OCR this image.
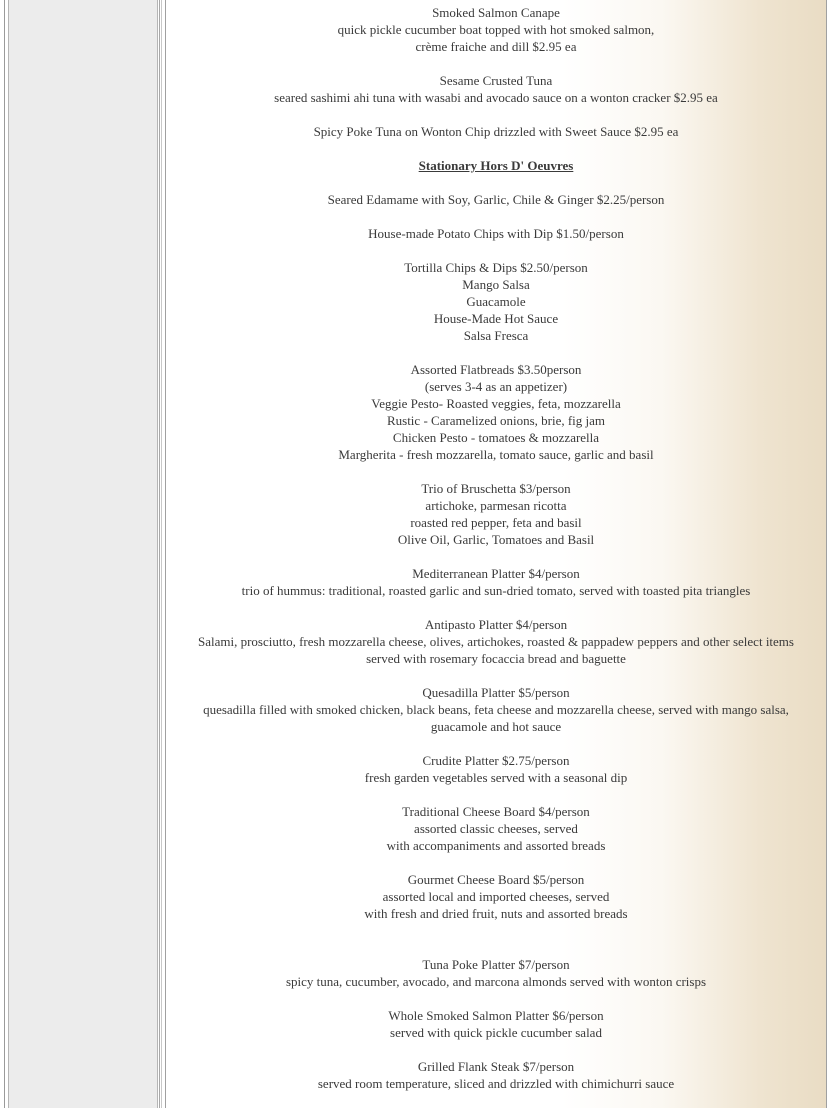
Smoked Salmon Canape
quick pickle cucumber boat topped with hot smoked salmon,
crème fraiche and dill $2.95 ea
Sesame Crusted Tuna
seared sashimi ahi tuna with wasabi and avocado sauce on a wonton cracker $2.95 ea
Spicy Poke Tuna on Wonton Chip drizzled with Sweet Sauce $2.95 ea
Stationary Hors D' Oeuvres
Seared Edamame with Soy, Garlic, Chile & Ginger $2.25/person
House-made Potato Chips with Dip $1.50/person
Tortilla Chips & Dips $2.50/person
Mango Salsa
Guacamole
House-Made Hot Sauce
Salsa Fresca
Assorted Flatbreads $3.50person
(serves 3-4 as an appetizer)
Veggie Pesto- Roasted veggies, feta, mozzarella
Rustic - Caramelized onions, brie, fig jam
Chicken Pesto - tomatoes & mozzarella
Margherita - fresh mozzarella, tomato sauce, garlic and basil
Trio of Bruschetta $3/person
artichoke, parmesan ricotta
roasted red pepper, feta and basil
Olive Oil, Garlic, Tomatoes and Basil
Mediterranean Platter $4/person
trio of hummus: traditional, roasted garlic and sun-dried tomato, served with toasted pita triangles
Antipasto Platter $4/person
Salami, prosciutto, fresh mozzarella cheese, olives, artichokes, roasted & pappadew peppers and other select items served with rosemary focaccia bread and baguette
Quesadilla Platter $5/person
quesadilla filled with smoked chicken, black beans, feta cheese and mozzarella cheese, served with mango salsa, guacamole and hot sauce
Crudite Platter $2.75/person
fresh garden vegetables served with a seasonal dip
Traditional Cheese Board $4/person
assorted classic cheeses, served
with accompaniments and assorted breads
Gourmet Cheese Board $5/person
assorted local and imported cheeses, served
with fresh and dried fruit, nuts and assorted breads
Tuna Poke Platter $7/person
spicy tuna, cucumber, avocado, and marcona almonds served with wonton crisps
Whole Smoked Salmon Platter $6/person
served with quick pickle cucumber salad
Grilled Flank Steak $7/person
served room temperature, sliced and drizzled with chimichurri sauce
